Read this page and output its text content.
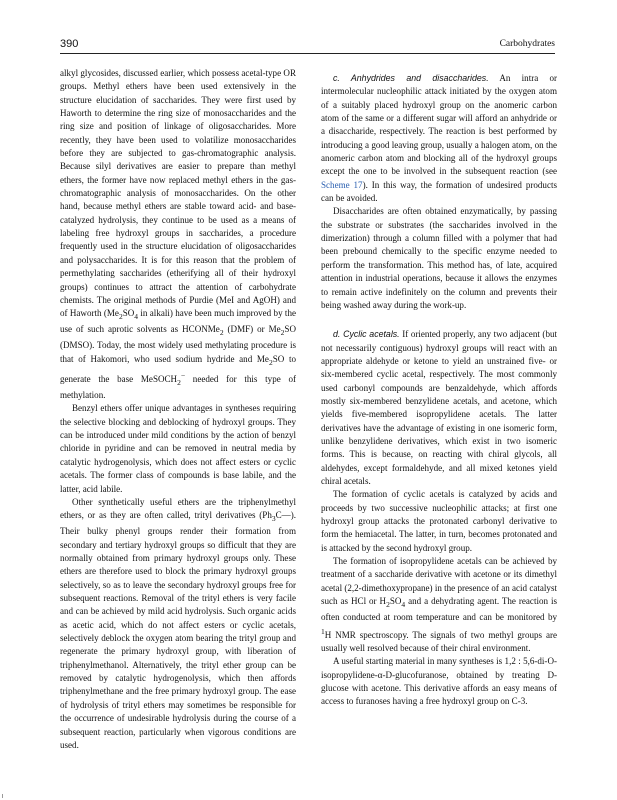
390	Carbohydrates

alkyl glycosides, discussed earlier, which possess acetal-type OR groups. Methyl ethers have been used extensively in the structure elucidation of saccharides. They were first used by Haworth to determine the ring size of monosaccharides and the ring size and position of linkage of oligosaccharides. More recently, they have been used to volatilize monosaccharides before they are subjected to gas-chromatographic analysis. Because silyl derivatives are easier to prepare than methyl ethers, the former have now replaced methyl ethers in the gas-chromatographic analysis of monosaccharides. On the other hand, because methyl ethers are stable toward acid- and base-catalyzed hydrolysis, they continue to be used as a means of labeling free hydroxyl groups in saccharides, a procedure frequently used in the structure elucidation of oligosaccharides and polysaccharides. It is for this reason that the problem of permethylating saccharides (etherifying all of their hydroxyl groups) continues to attract the attention of carbohydrate chemists. The original methods of Purdie (MeI and AgOH) and of Haworth ($Me_2SO_4$ in alkali) have been much improved by the use of such aprotic solvents as HCONMe$_2$ (DMF) or $Me_2SO$ (DMSO). Today, the most widely used methylating procedure is that of Hakomori, who used sodium hydride and $Me_2SO$ to generate the base MeSOCH$_2$− needed for this type of methylation.

Benzyl ethers offer unique advantages in syntheses requiring the selective blocking and deblocking of hydroxyl groups. They can be introduced under mild conditions by the action of benzyl chloride in pyridine and can be removed in neutral media by catalytic hydrogenolysis, which does not affect esters or cyclic acetals. The former class of compounds is base labile, and the latter, acid labile.

Other synthetically useful ethers are the triphenylmethyl ethers, or as they are often called, trityl derivatives $(Ph_3C—)$. Their bulky phenyl groups render their formation from secondary and tertiary hydroxyl groups so difficult that they are normally obtained from primary hydroxyl groups only. These ethers are therefore used to block the primary hydroxyl groups selectively, so as to leave the secondary hydroxyl groups free for subsequent reactions. Removal of the trityl ethers is very facile and can be achieved by mild acid hydrolysis. Such organic acids as acetic acid, which do not affect esters or cyclic acetals, selectively deblock the oxygen atom bearing the trityl group and regenerate the primary hydroxyl group, with liberation of triphenylmethanol. Alternatively, the trityl ether group can be removed by catalytic hydrogenolysis, which then affords triphenylmethane and the free primary hydroxyl group. The ease of hydrolysis of trityl ethers may sometimes be responsible for the occurrence of undesirable hydrolysis during the course of a subsequent reaction, particularly when vigorous conditions are used.

c. Anhydrides and disaccharides. An intra or intermolecular nucleophilic attack initiated by the oxygen atom of a suitably placed hydroxyl group on the anomeric carbon atom of the same or a different sugar will afford an anhydride or a disaccharide, respectively. The reaction is best performed by introducing a good leaving group, usually a halogen atom, on the anomeric carbon atom and blocking all of the hydroxyl groups except the one to be involved in the subsequent reaction (see Scheme 17). In this way, the formation of undesired products can be avoided.

Disaccharides are often obtained enzymatically, by passing the substrate or substrates (the saccharides involved in the dimerization) through a column filled with a polymer that had been prebound chemically to the specific enzyme needed to perform the transformation. This method has, of late, acquired attention in industrial operations, because it allows the enzymes to remain active indefinitely on the column and prevents their being washed away during the work-up.

d. Cyclic acetals. If oriented properly, any two adjacent (but not necessarily contiguous) hydroxyl groups will react with an appropriate aldehyde or ketone to yield an unstrained five- or six-membered cyclic acetal, respectively. The most commonly used carbonyl compounds are benzaldehyde, which affords mostly six-membered benzylidene acetals, and acetone, which yields five-membered isopropylidene acetals. The latter derivatives have the advantage of existing in one isomeric form, unlike benzylidene derivatives, which exist in two isomeric forms. This is because, on reacting with chiral glycols, all aldehydes, except formaldehyde, and all mixed ketones yield chiral acetals.

The formation of cyclic acetals is catalyzed by acids and proceeds by two successive nucleophilic attacks; at first one hydroxyl group attacks the protonated carbonyl derivative to form the hemiacetal. The latter, in turn, becomes protonated and is attacked by the second hydroxyl group.

The formation of isopropylidene acetals can be achieved by treatment of a saccharide derivative with acetone or its dimethyl acetal (2,2-dimethoxypropane) in the presence of an acid catalyst such as HCl or $H_2SO_4$ and a dehydrating agent. The reaction is often conducted at room temperature and can be monitored by $^1$H NMR spectroscopy. The signals of two methyl groups are usually well resolved because of their chiral environment.

A useful starting material in many syntheses is 1,2 : 5,6-di-O-isopropylidene-α-D-glucofuranose, obtained by treating D-glucose with acetone. This derivative affords an easy means of access to furanoses having a free hydroxyl group on C-3.
